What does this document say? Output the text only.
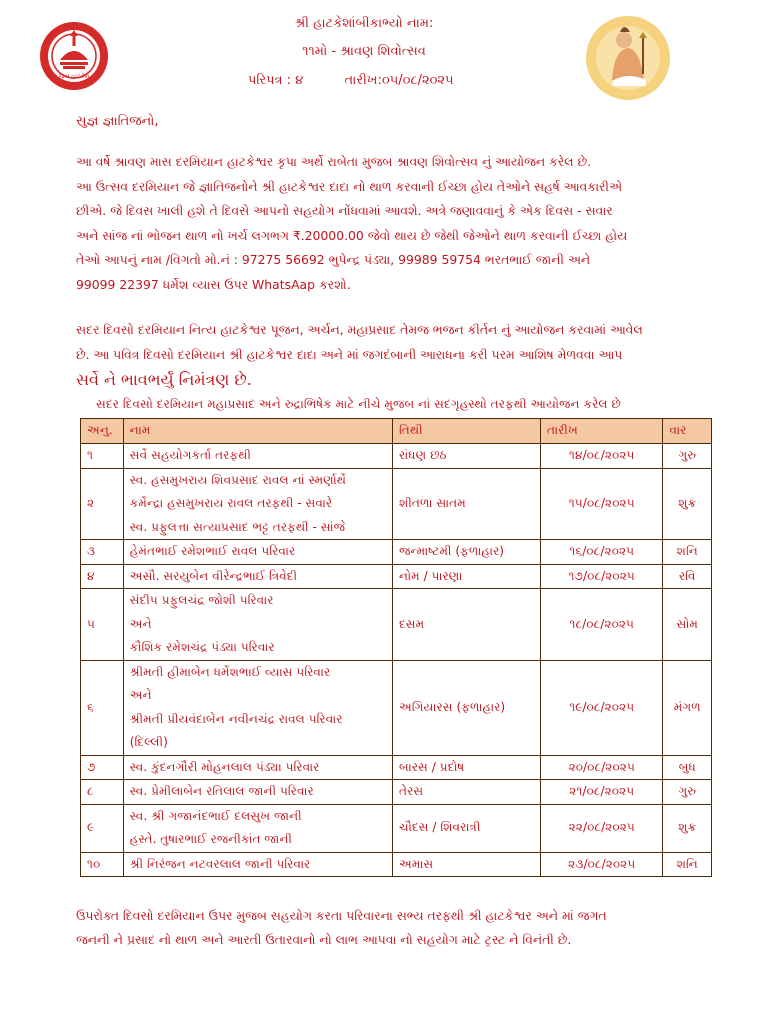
જય હાટકેશ
શ્રી હાટકેશાંબીકાભ્યો નામ:
૧૧મો - શ્રાવણ શિવોત્સવ
પરિપત્ર : ૪          તારીખ:૦૫/૦૮/૨૦૨૫
સુજ્ઞ જ્ઞાતિજનો,
આ વર્ષે શ્રાવણ માસ દરમિયાન હાટકેશ્વર કૃપા અર્થે રાબેતા મુજબ શ્રાવણ શિવોત્સવ નું આયોજન કરેલ છે.
આ ઉત્સવ દરમિયાન જે જ્ઞાતિજનોને શ્રી હાટકેશ્વર દાદા નો થાળ કરવાની ઈચ્છા હોય તેઓને સહર્ષ આવકારીએ
છીએ. જે દિવસ ખાલી હશે તે દિવસે આપનો સહયોગ નોંધવામાં આવશે. અત્રે જણાવવાનું કે એક દિવસ - સવાર
અને સાંજ નાં ભોજન થાળ નો ખર્ચ લગભગ ₹.20000.00 જેવો થાય છે જેથી જેઓને થાળ કરવાની ઈચ્છા હોય
તેઓ આપનું નામ /વિગતો મો.નં : 97275 56692 ભુપેન્દ્ર પંડ્યા, 99989 59754 ભરતભાઈ જાની અને
99099 22397 ધર્મેશ વ્યાસ ઉપર WhatsAap કરશો.
સદર દિવસો દરમિયાન નિત્ય હાટકેશ્વર પૂજન, અર્ચન, મહાપ્રસાદ તેમજ ભજન કીર્તન નું આયોજન કરવામાં આવેલ
છે. આ પવિત્ર દિવસો દરમિયાન શ્રી હાટકેશ્વર દાદા અને માં જગદંબાની આરાધના કરી પરમ આશિષ મેળવવા આપ
સર્વે ને ભાવભર્યું નિમંત્રણ છે.
સદર દિવસો દરમિયાન મહાપ્રસાદ અને રુદ્રાભિષેક માટે નીચે મુજબ નાં સદગૃહસ્થો તરફથી આયોજન કરેલ છે
અનુ.	નામ	તિથી	તારીખ	વાર
૧	સર્વે સહયોગકર્તા તરફથી	રાંધણ છઠ	૧૪/૦૮/૨૦૨૫	ગુરુ
૨	સ્વ. હસમુખરાય શિવપ્રસાદ રાવલ નાં સ્મર્ણાર્થે
કર્મેન્દ્રા હસમુખરાય રાવલ તરફથી - સવારે
સ્વ. પ્રફુલત્તા સત્યાપ્રસાદ ભટ્ટ તરફથી - સાંજે	શીતળા સાતમ	૧૫/૦૮/૨૦૨૫	શુક્ર
૩	હેમંતભાઈ રમેશભાઈ રાવલ પરિવાર	જન્માષ્ટમી (ફળાહાર)	૧૬/૦૮/૨૦૨૫	શનિ
૪	અસૌ. સરયુબેન વીરેન્દ્રભાઈ ત્રિવેદી	નોમ / પારણા	૧૭/૦૮/૨૦૨૫	રવિ
૫	સંદીપ પ્રફુલચંદ્ર જોશી પરિવાર
અને
કૌશિક રમેશચંદ્ર પંડ્યા પરિવાર	દસમ	૧૮/૦૮/૨૦૨૫	સોમ
૬	શ્રીમતી હીમાબેન ધર્મેશભાઈ વ્યાસ પરિવાર
અને
શ્રીમતી પ્રીયવંદાબેન નવીનચંદ્ર રાવલ પરિવાર
(દિલ્લી)	અગિયારસ (ફળાહાર)	૧૯/૦૮/૨૦૨૫	મંગળ
૭	સ્વ. કુંદનગૌરી મોહનલાલ પંડ્યા પરિવાર	બારસ / પ્રદોષ	૨૦/૦૮/૨૦૨૫	બુધ
૮	સ્વ. પ્રેમીલાબેન રતિલાલ જાની પરિવાર	તેરસ	૨૧/૦૮/૨૦૨૫	ગુરુ
૯	સ્વ. શ્રી ગજાનંદભાઈ દલસુખ જાની
હસ્તે. તુષારભાઈ રજનીકાંત જાની	ચૌદસ / શિવરાત્રી	૨૨/૦૮/૨૦૨૫	શુક્ર
૧૦	શ્રી નિરંજન નટવરલાલ જાની પરિવાર	અમાસ	૨૩/૦૮/૨૦૨૫	શનિ
ઉપરોક્ત દિવસો દરમિયાન ઉપર મુજબ સહયોગ કરતા પરિવારના સભ્ય તરફથી શ્રી હાટકેશ્વર અને માં જગત
જનની ને પ્રસાદ નો થાળ અને આરતી ઉતારવાનો નો લાભ આપવા નો સહયોગ માટે ટ્રસ્ટ ને વિનંતી છે.
